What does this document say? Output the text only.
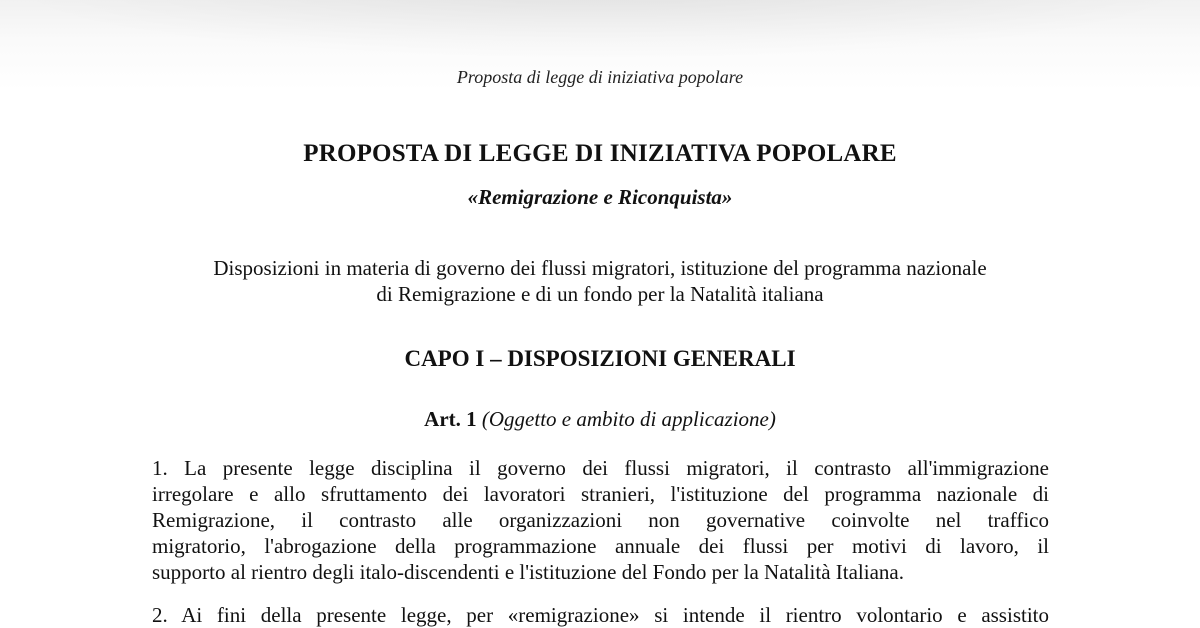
Proposta di legge di iniziativa popolare
PROPOSTA DI LEGGE DI INIZIATIVA POPOLARE
«Remigrazione e Riconquista»
Disposizioni in materia di governo dei flussi migratori, istituzione del programma nazionale
di Remigrazione e di un fondo per la Natalità italiana
CAPO I – DISPOSIZIONI GENERALI
Art. 1 (Oggetto e ambito di applicazione)
1. La presente legge disciplina il governo dei flussi migratori, il contrasto all'immigrazione
irregolare e allo sfruttamento dei lavoratori stranieri, l'istituzione del programma nazionale di
Remigrazione, il contrasto alle organizzazioni non governative coinvolte nel traffico
migratorio, l'abrogazione della programmazione annuale dei flussi per motivi di lavoro, il
supporto al rientro degli italo-discendenti e l'istituzione del Fondo per la Natalità Italiana.
2. Ai fini della presente legge, per «remigrazione» si intende il rientro volontario e assistito
